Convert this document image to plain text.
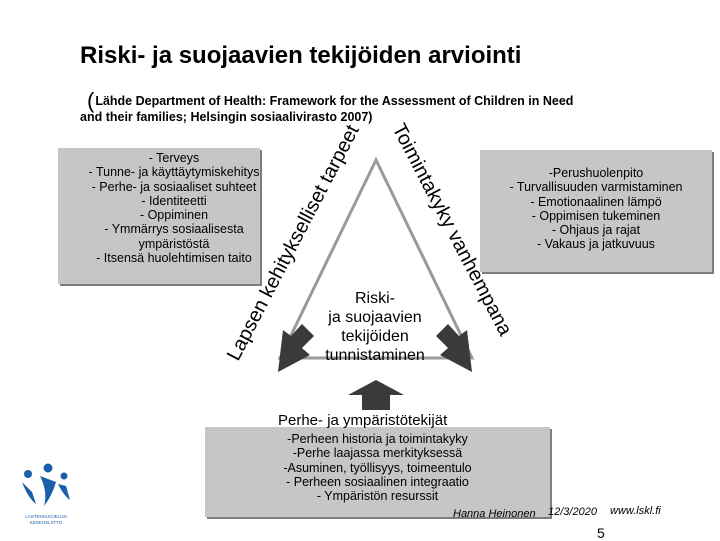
Riski- ja suojaavien tekijöiden arviointi
(Lähde Department of Health: Framework for the Assessment of Children in Need
and their families; Helsingin sosiaalivirasto 2007)
Lapsen kehitykselliset tarpeet Toimintakyky vanhempana
Riski-
ja suojaavien
tekijöiden
tunnistaminen
- Terveys
- Tunne- ja käyttäytymiskehitys
- Perhe- ja sosiaaliset suhteet
- Identiteetti
- Oppiminen
- Ymmärrys sosiaalisesta
ympäristöstä
- Itsensä huolehtimisen taito
-Perushuolenpito
- Turvallisuuden varmistaminen
- Emotionaalinen lämpö
- Oppimisen tukeminen
- Ohjaus ja rajat
- Vakaus ja jatkuvuus
Perhe- ja ympäristötekijät
-Perheen historia ja toimintakyky
-Perhe laajassa merkityksessä
-Asuminen, työllisyys, toimeentulo
- Perheen sosiaalinen integraatio
- Ympäristön resurssit
LASTENSUOJELUN
KESKUSLIITTO
Hanna Heinonen 12/3/2020 www.lskl.fi
5
